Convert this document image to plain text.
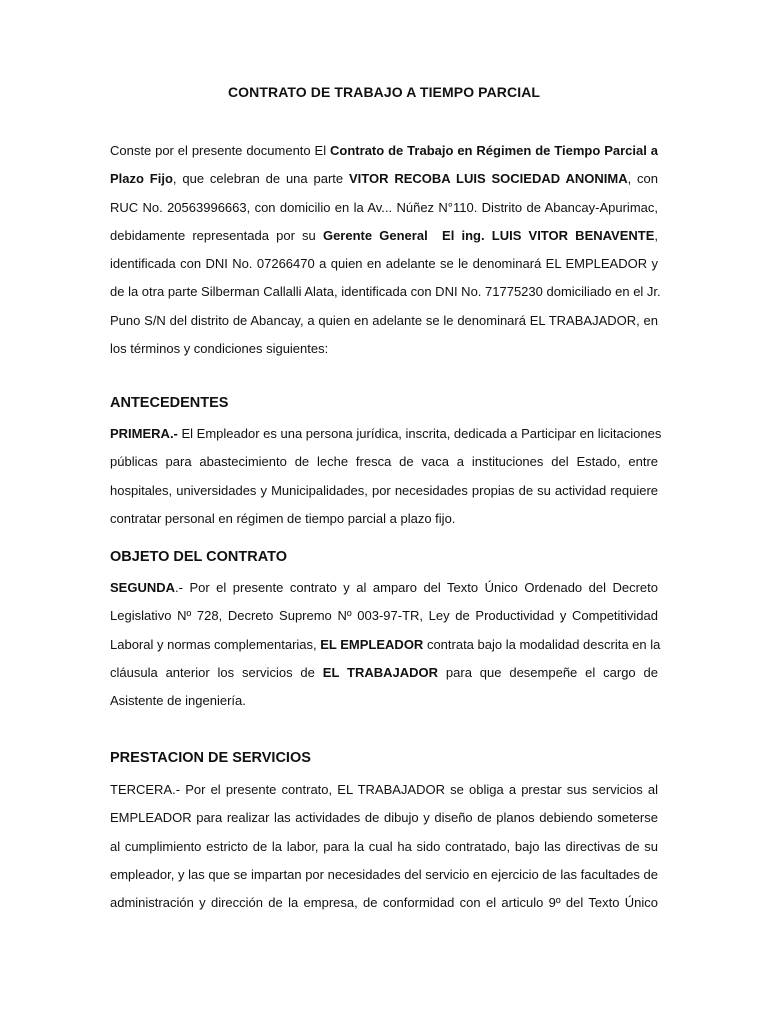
CONTRATO DE TRABAJO A TIEMPO PARCIAL
Conste por el presente documento El Contrato de Trabajo en Régimen de Tiempo Parcial a
Plazo Fijo, que celebran de una parte VITOR RECOBA LUIS SOCIEDAD ANONIMA, con
RUC No. 20563996663, con domicilio en la Av... Núñez N°110. Distrito de Abancay-Apurimac,
debidamente representada por su Gerente General El ing. LUIS VITOR BENAVENTE,
identificada con DNI No. 07266470 a quien en adelante se le denominará EL EMPLEADOR y
de la otra parte Silberman Callalli Alata, identificada con DNI No. 71775230 domiciliado en el Jr.
Puno S/N del distrito de Abancay, a quien en adelante se le denominará EL TRABAJADOR, en
los términos y condiciones siguientes:
ANTECEDENTES
PRIMERA.- El Empleador es una persona jurídica, inscrita, dedicada a Participar en licitaciones
públicas para abastecimiento de leche fresca de vaca a instituciones del Estado, entre
hospitales, universidades y Municipalidades, por necesidades propias de su actividad requiere
contratar personal en régimen de tiempo parcial a plazo fijo.
OBJETO DEL CONTRATO
SEGUNDA.- Por el presente contrato y al amparo del Texto Único Ordenado del Decreto
Legislativo Nº 728, Decreto Supremo Nº 003-97-TR, Ley de Productividad y Competitividad
Laboral y normas complementarias, EL EMPLEADOR contrata bajo la modalidad descrita en la
cláusula anterior los servicios de EL TRABAJADOR para que desempeñe el cargo de
Asistente de ingeniería.
PRESTACION DE SERVICIOS
TERCERA.- Por el presente contrato, EL TRABAJADOR se obliga a prestar sus servicios al
EMPLEADOR para realizar las actividades de dibujo y diseño de planos debiendo someterse
al cumplimiento estricto de la labor, para la cual ha sido contratado, bajo las directivas de su
empleador, y las que se impartan por necesidades del servicio en ejercicio de las facultades de
administración y dirección de la empresa, de conformidad con el articulo 9º del Texto Único
